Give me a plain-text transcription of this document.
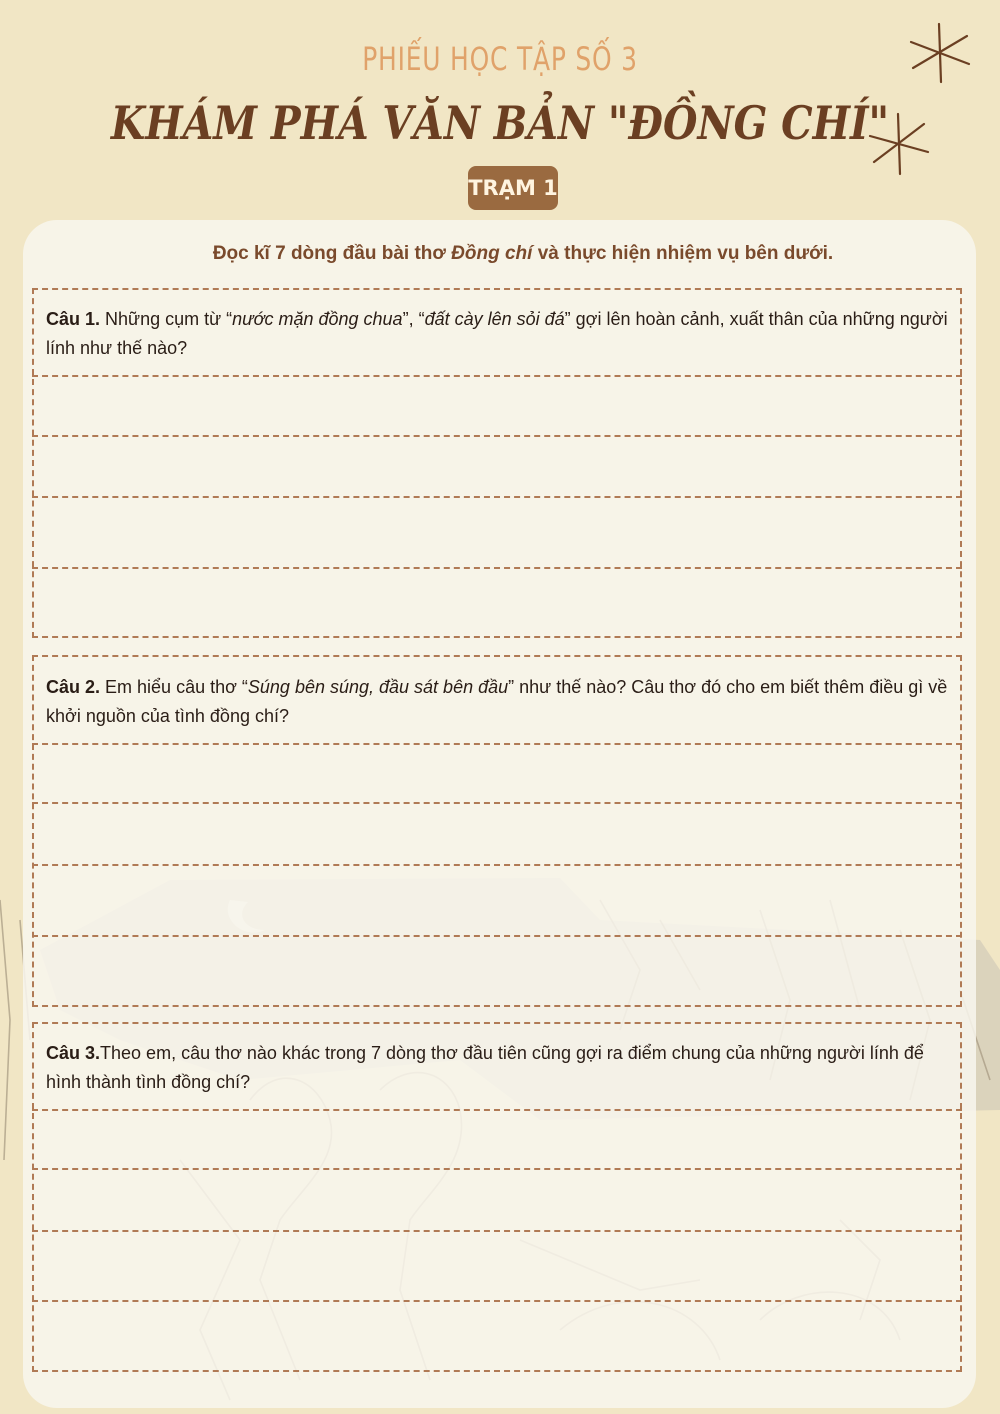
PHIẾU HỌC TẬP SỐ 3
KHÁM PHÁ VĂN BẢN "ĐỒNG CHÍ"
TRẠM 1
Đọc kĩ 7 dòng đầu bài thơ Đồng chí và thực hiện nhiệm vụ bên dưới.
Câu 1. Những cụm từ “nước mặn đồng chua”, “đất cày lên sỏi đá” gợi lên hoàn cảnh, xuất thân của những người lính như thế nào?
Câu 2. Em hiểu câu thơ “Súng bên súng, đầu sát bên đầu” như thế nào? Câu thơ đó cho em biết thêm điều gì về khởi nguồn của tình đồng chí?
Câu 3.Theo em, câu thơ nào khác trong 7 dòng thơ đầu tiên cũng gợi ra điểm chung của những người lính để hình thành tình đồng chí?
